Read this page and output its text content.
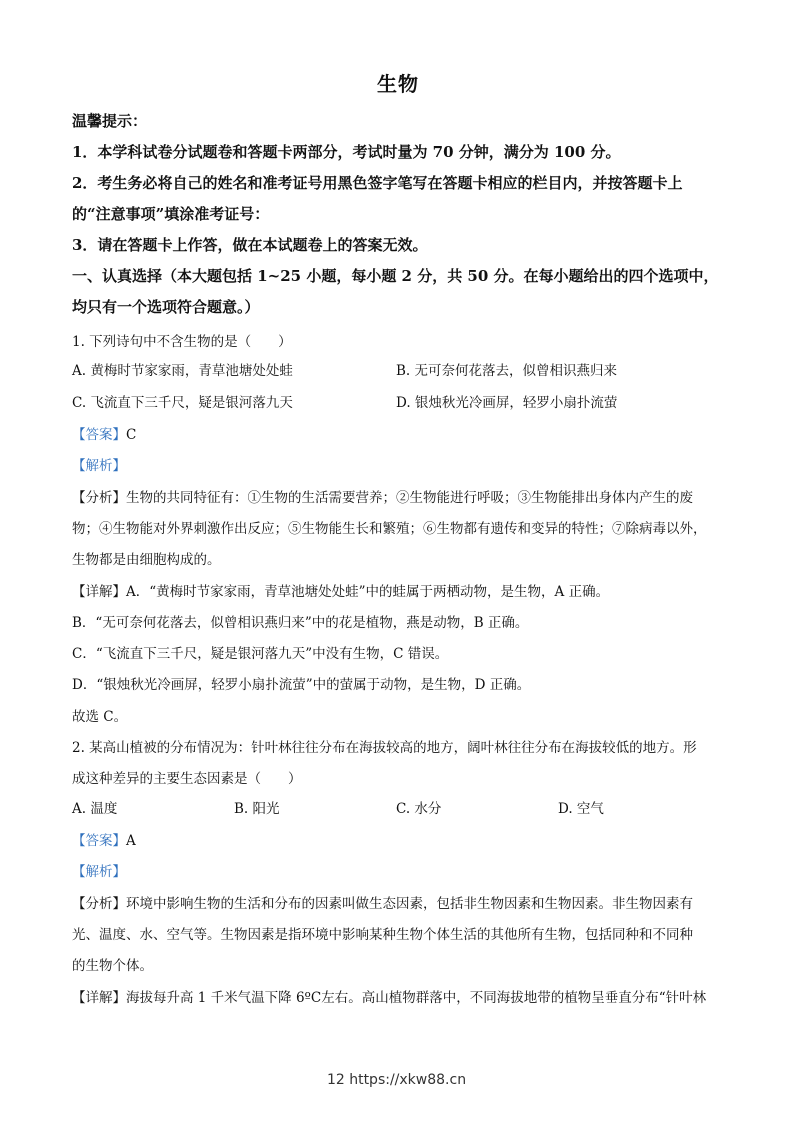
生物
温馨提示：
1．本学科试卷分试题卷和答题卡两部分，考试时量为 70 分钟，满分为 100 分。
2．考生务必将自己的姓名和准考证号用黑色签字笔写在答题卡相应的栏目内，并按答题卡上
的“注意事项”填涂准考证号：
3．请在答题卡上作答，做在本试题卷上的答案无效。
一、认真选择（本大题包括 1~25 小题，每小题 2 分，共 50 分。在每小题给出的四个选项中，
均只有一个选项符合题意。）
1. 下列诗句中不含生物的是（　　）
A. 黄梅时节家家雨，青草池塘处处蛙	B. 无可奈何花落去，似曾相识燕归来
C. 飞流直下三千尺，疑是银河落九天	D. 银烛秋光冷画屏，轻罗小扇扑流萤
【答案】C
【解析】
【分析】生物的共同特征有：①生物的生活需要营养；②生物能进行呼吸；③生物能排出身体内产生的废
物；④生物能对外界刺激作出反应；⑤生物能生长和繁殖；⑥生物都有遗传和变异的特性；⑦除病毒以外，
生物都是由细胞构成的。
【详解】A．“黄梅时节家家雨，青草池塘处处蛙”中的蛙属于两栖动物，是生物，A 正确。
B．“无可奈何花落去，似曾相识燕归来”中的花是植物，燕是动物，B 正确。
C．“飞流直下三千尺，疑是银河落九天”中没有生物，C 错误。
D．“银烛秋光冷画屏，轻罗小扇扑流萤”中的萤属于动物，是生物，D 正确。
故选 C。
2. 某高山植被的分布情况为：针叶林往往分布在海拔较高的地方，阔叶林往往分布在海拔较低的地方。形
成这种差异的主要生态因素是（　　）
A. 温度	B. 阳光	C. 水分	D. 空气
【答案】A
【解析】
【分析】环境中影响生物的生活和分布的因素叫做生态因素，包括非生物因素和生物因素。非生物因素有
光、温度、水、空气等。生物因素是指环境中影响某种生物个体生活的其他所有生物，包括同种和不同种
的生物个体。
【详解】海拔每升高 1 千米气温下降 6ºC左右。高山植物群落中，不同海拔地带的植物呈垂直分布“针叶林
12 https://xkw88.cn
